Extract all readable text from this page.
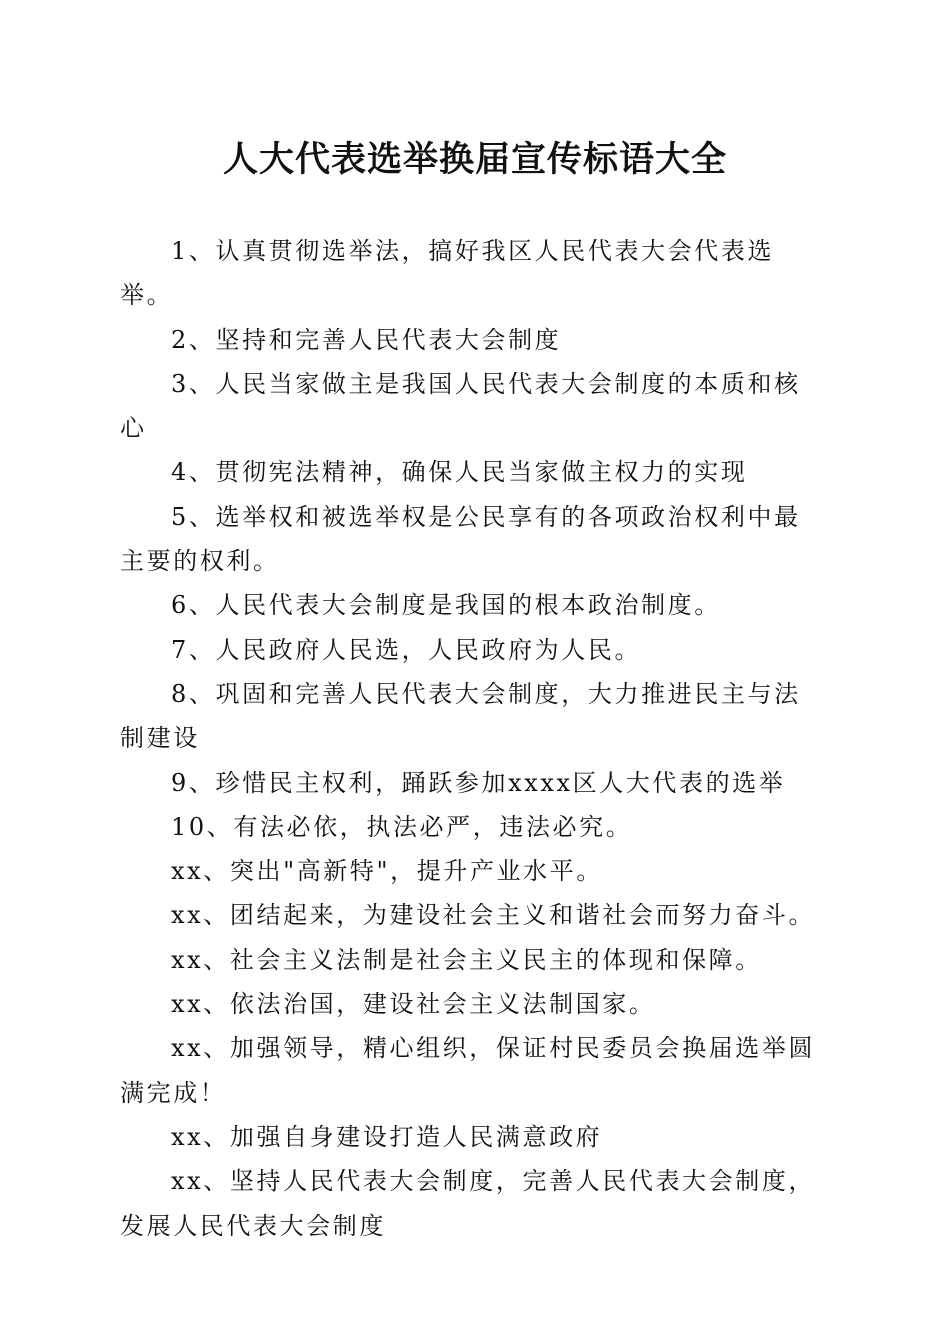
人大代表选举换届宣传标语大全

1、认真贯彻选举法，搞好我区人民代表大会代表选举。

2、坚持和完善人民代表大会制度

3、人民当家做主是我国人民代表大会制度的本质和核心

4、贯彻宪法精神，确保人民当家做主权力的实现

5、选举权和被选举权是公民享有的各项政治权利中最主要的权利。

6、人民代表大会制度是我国的根本政治制度。

7、人民政府人民选，人民政府为人民。

8、巩固和完善人民代表大会制度，大力推进民主与法制建设

9、珍惜民主权利，踊跃参加xxxx区人大代表的选举

10、有法必依，执法必严，违法必究。

xx、突出"高新特"，提升产业水平。

xx、团结起来，为建设社会主义和谐社会而努力奋斗。

xx、社会主义法制是社会主义民主的体现和保障。

xx、依法治国，建设社会主义法制国家。

xx、加强领导，精心组织，保证村民委员会换届选举圆满完成！

xx、加强自身建设打造人民满意政府

xx、坚持人民代表大会制度，完善人民代表大会制度，发展人民代表大会制度
